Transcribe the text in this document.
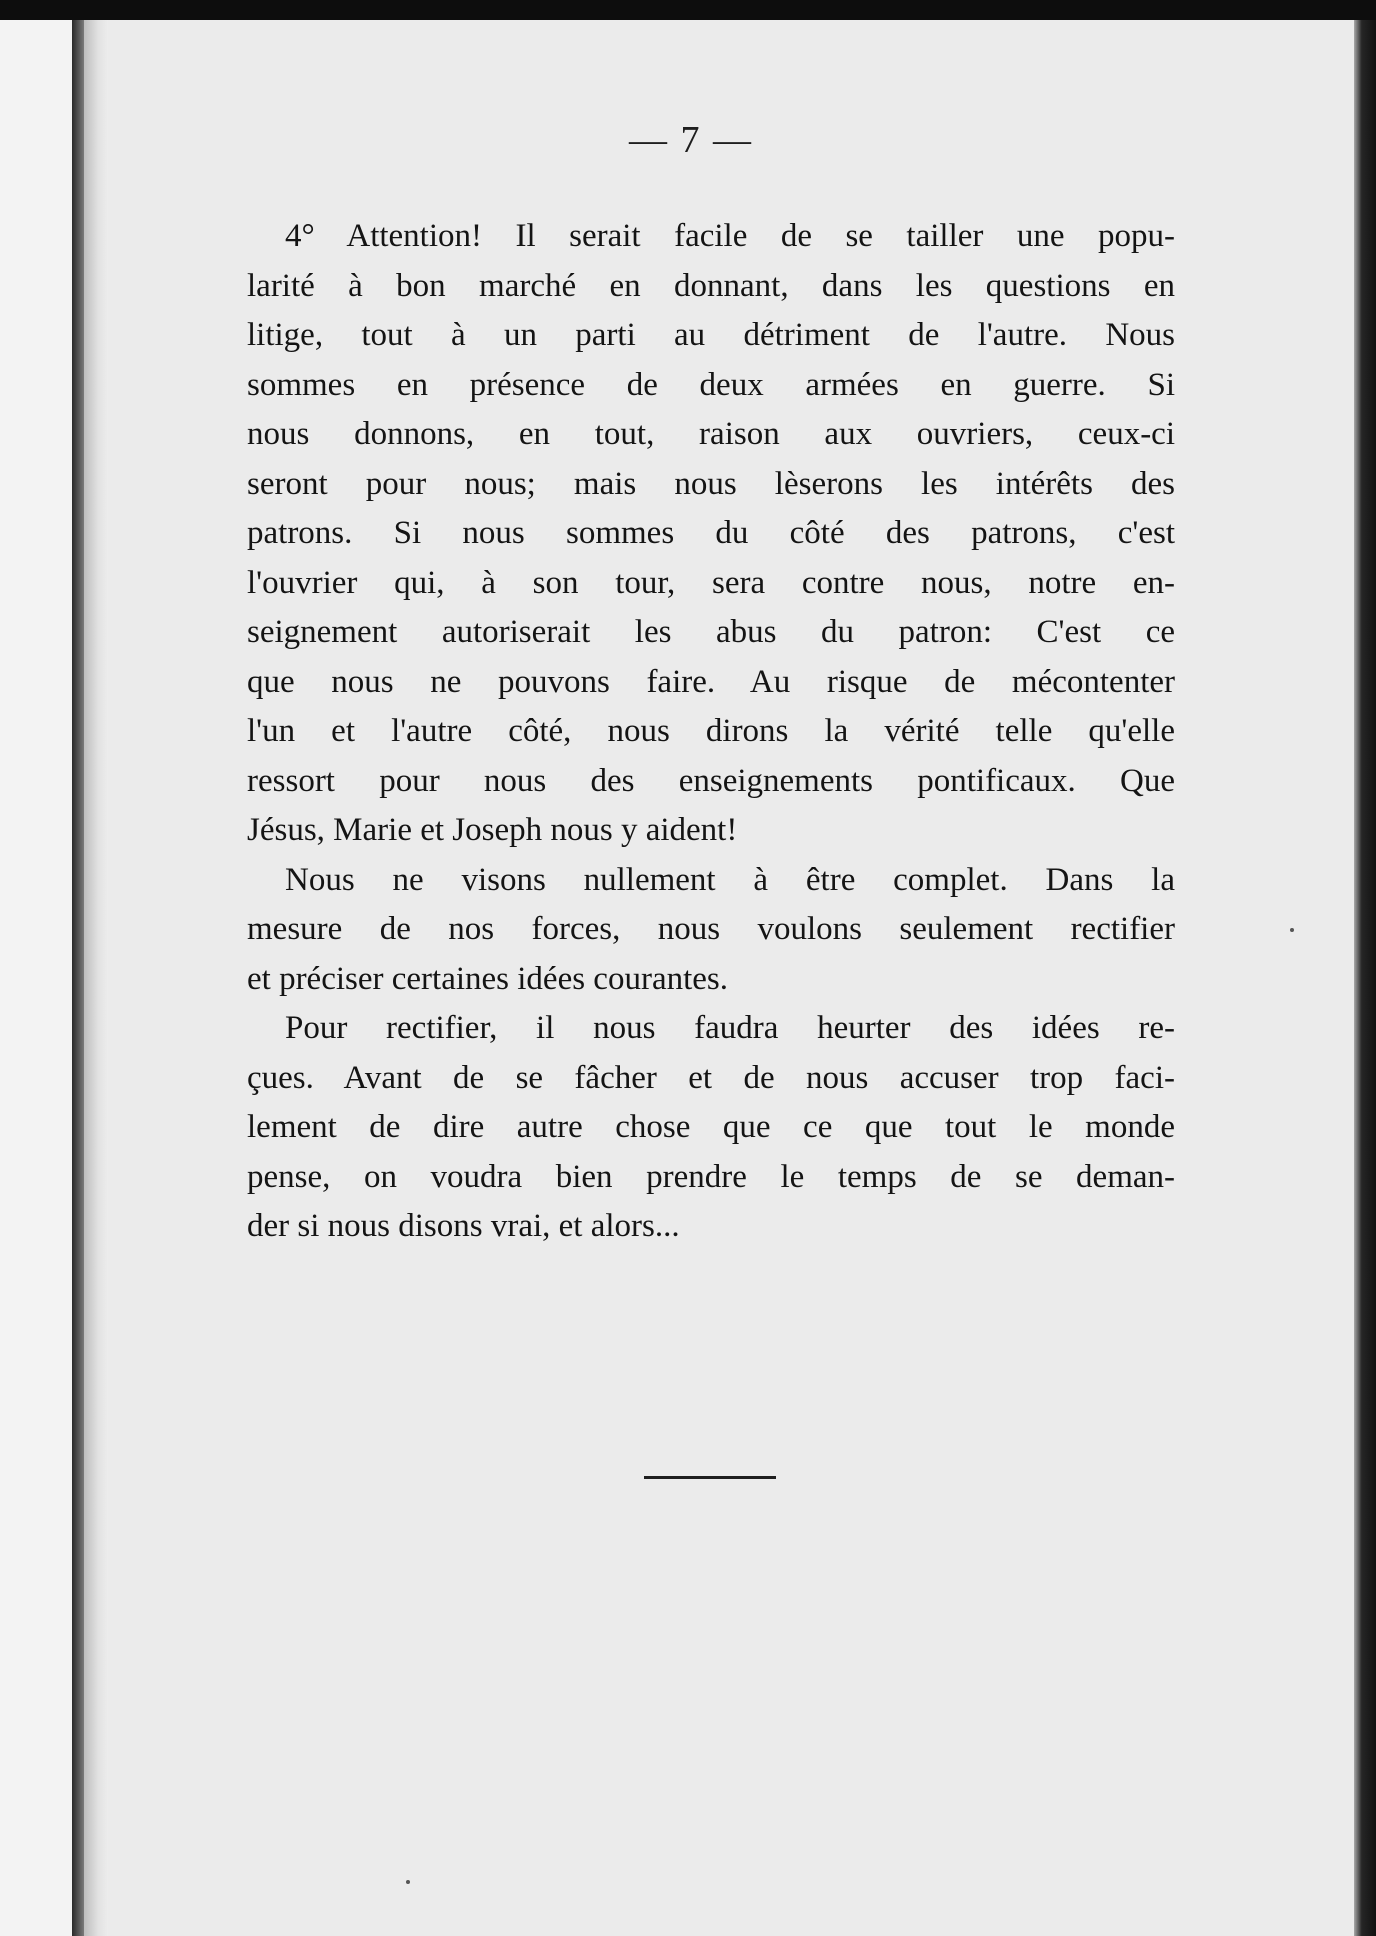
— 7 —
4° Attention! Il serait facile de se tailler une popu-
larité à bon marché en donnant, dans les questions en
litige, tout à un parti au détriment de l'autre. Nous
sommes en présence de deux armées en guerre. Si
nous donnons, en tout, raison aux ouvriers, ceux-ci
seront pour nous; mais nous lèserons les intérêts des
patrons. Si nous sommes du côté des patrons, c'est
l'ouvrier qui, à son tour, sera contre nous, notre en-
seignement autoriserait les abus du patron: C'est ce
que nous ne pouvons faire. Au risque de mécontenter
l'un et l'autre côté, nous dirons la vérité telle qu'elle
ressort pour nous des enseignements pontificaux. Que
Jésus, Marie et Joseph nous y aident!
Nous ne visons nullement à être complet. Dans la
mesure de nos forces, nous voulons seulement rectifier
et préciser certaines idées courantes.
Pour rectifier, il nous faudra heurter des idées re-
çues. Avant de se fâcher et de nous accuser trop faci-
lement de dire autre chose que ce que tout le monde
pense, on voudra bien prendre le temps de se deman-
der si nous disons vrai, et alors...
